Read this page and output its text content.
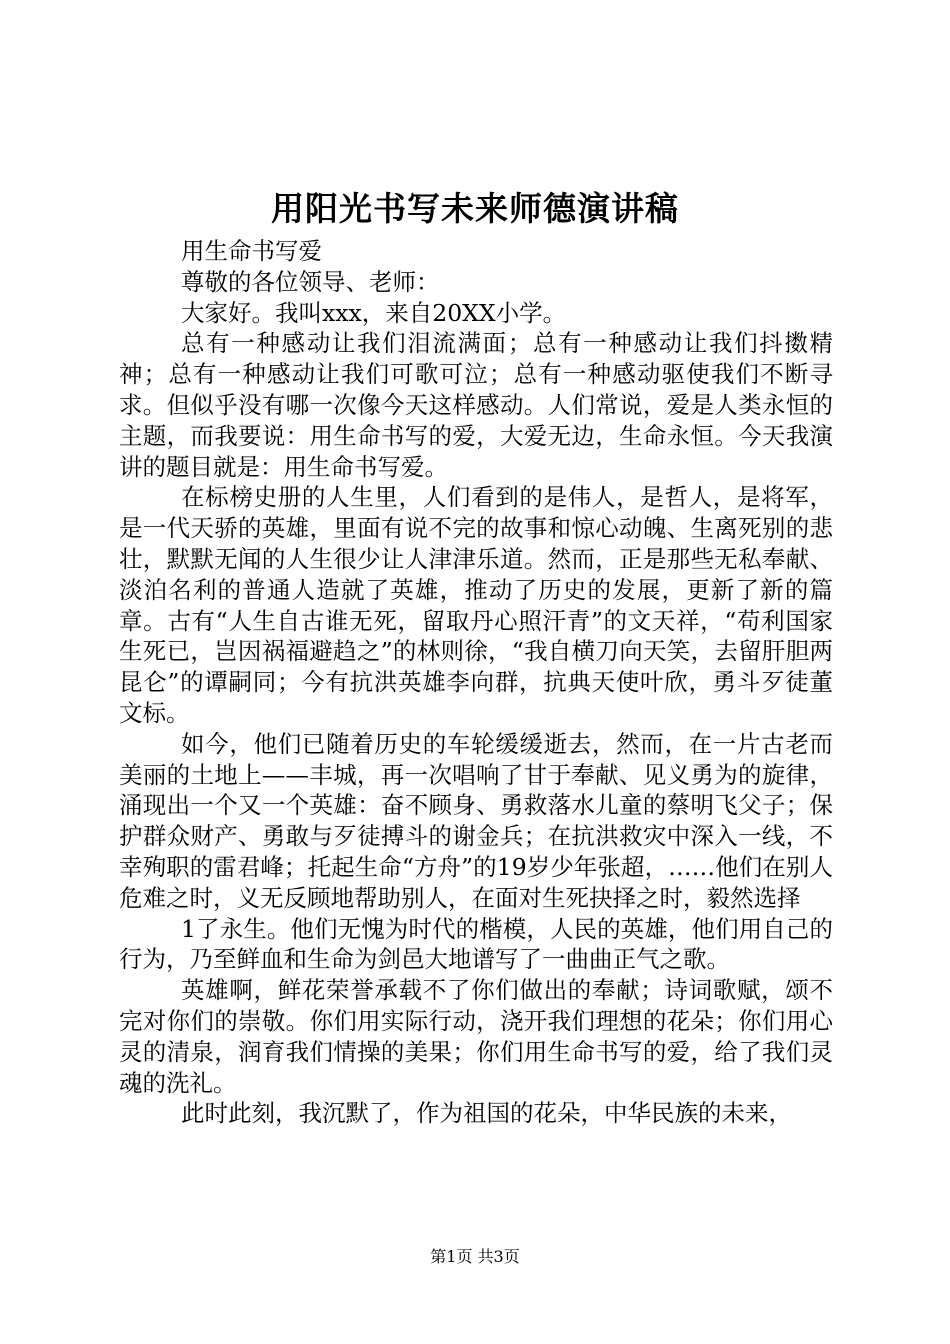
用阳光书写未来师德演讲稿

用生命书写爱

尊敬的各位领导、老师：

大家好。我叫xxx，来自20XX小学。

总有一种感动让我们泪流满面；总有一种感动让我们抖擞精神；总有一种感动让我们可歌可泣；总有一种感动驱使我们不断寻求。但似乎没有哪一次像今天这样感动。人们常说，爱是人类永恒的主题，而我要说：用生命书写的爱，大爱无边，生命永恒。今天我演讲的题目就是：用生命书写爱。

在标榜史册的人生里，人们看到的是伟人，是哲人，是将军，是一代天骄的英雄，里面有说不完的故事和惊心动魄、生离死别的悲壮，默默无闻的人生很少让人津津乐道。然而，正是那些无私奉献、淡泊名利的普通人造就了英雄，推动了历史的发展，更新了新的篇章。古有“人生自古谁无死，留取丹心照汗青”的文天祥，“苟利国家生死已，岂因祸福避趋之”的林则徐，“我自横刀向天笑，去留肝胆两昆仑”的谭嗣同；今有抗洪英雄李向群，抗典天使叶欣，勇斗歹徒董文标。

如今，他们已随着历史的车轮缓缓逝去，然而，在一片古老而美丽的土地上——丰城，再一次唱响了甘于奉献、见义勇为的旋律，涌现出一个又一个英雄：奋不顾身、勇救落水儿童的蔡明飞父子；保护群众财产、勇敢与歹徒搏斗的谢金兵；在抗洪救灾中深入一线，不幸殉职的雷君峰；托起生命“方舟”的19岁少年张超，……他们在别人危难之时，义无反顾地帮助别人，在面对生死抉择之时，毅然选择

1了永生。他们无愧为时代的楷模，人民的英雄，他们用自己的行为，乃至鲜血和生命为剑邑大地谱写了一曲曲正气之歌。

英雄啊，鲜花荣誉承载不了你们做出的奉献；诗词歌赋，颂不完对你们的崇敬。你们用实际行动，浇开我们理想的花朵；你们用心灵的清泉，润育我们情操的美果；你们用生命书写的爱，给了我们灵魂的洗礼。

此时此刻，我沉默了，作为祖国的花朵，中华民族的未来，

第1页 共3页
